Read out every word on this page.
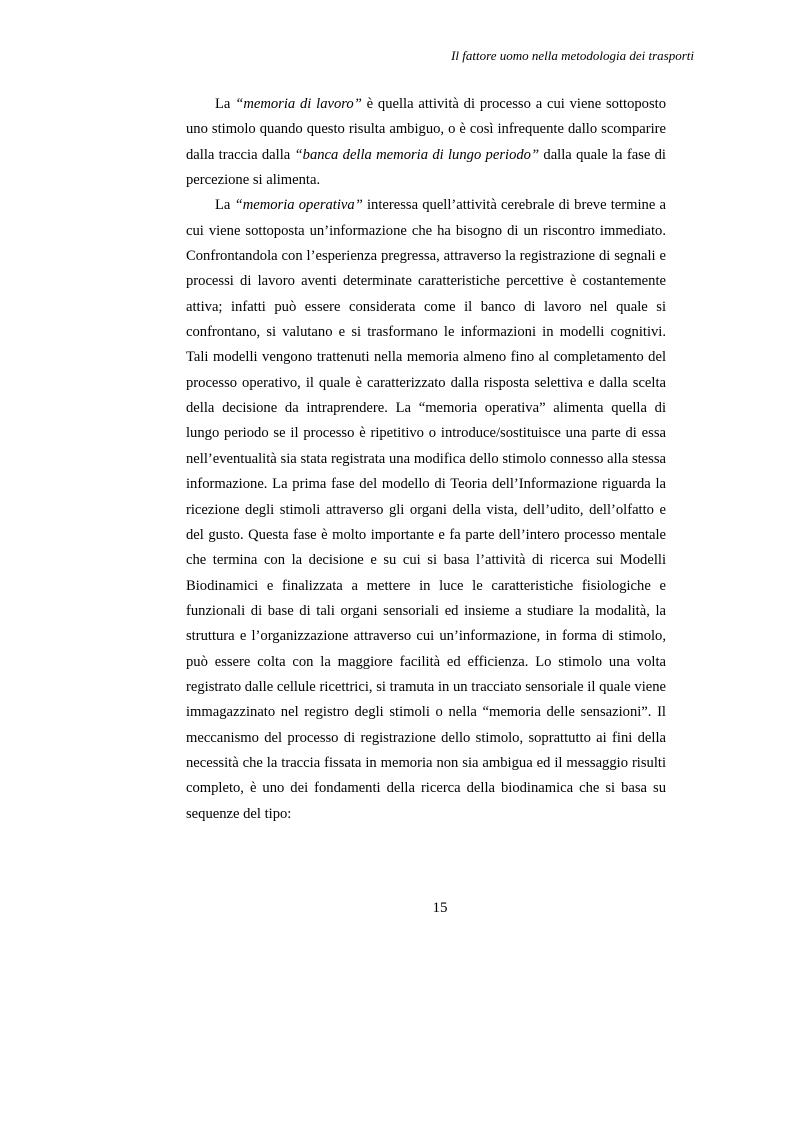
Il fattore uomo nella metodologia dei trasporti

La “memoria di lavoro” è quella attività di processo a cui viene sottoposto uno stimolo quando questo risulta ambiguo, o è così infrequente dallo scomparire dalla traccia dalla “banca della memoria di lungo periodo” dalla quale la fase di percezione si alimenta.

La “memoria operativa” interessa quell’attività cerebrale di breve termine a cui viene sottoposta un’informazione che ha bisogno di un riscontro immediato. Confrontandola con l’esperienza pregressa, attraverso la registrazione di segnali e processi di lavoro aventi determinate caratteristiche percettive è costantemente attiva; infatti può essere considerata come il banco di lavoro nel quale si confrontano, si valutano e si trasformano le informazioni in modelli cognitivi. Tali modelli vengono trattenuti nella memoria almeno fino al completamento del processo operativo, il quale è caratterizzato dalla risposta selettiva e dalla scelta della decisione da intraprendere. La “memoria operativa” alimenta quella di lungo periodo se il processo è ripetitivo o introduce/sostituisce una parte di essa nell’eventualità sia stata registrata una modifica dello stimolo connesso alla stessa informazione. La prima fase del modello di Teoria dell’Informazione riguarda la ricezione degli stimoli attraverso gli organi della vista, dell’udito, dell’olfatto e del gusto. Questa fase è molto importante e fa parte dell’intero processo mentale che termina con la decisione e su cui si basa l’attività di ricerca sui Modelli Biodinamici e finalizzata a mettere in luce le caratteristiche fisiologiche e funzionali di base di tali organi sensoriali ed insieme a studiare la modalità, la struttura e l’organizzazione attraverso cui un’informazione, in forma di stimolo, può essere colta con la maggiore facilità ed efficienza. Lo stimolo una volta registrato dalle cellule ricettrici, si tramuta in un tracciato sensoriale il quale viene immagazzinato nel registro degli stimoli o nella “memoria delle sensazioni”. Il meccanismo del processo di registrazione dello stimolo, soprattutto ai fini della necessità che la traccia fissata in memoria non sia ambigua ed il messaggio risulti completo, è uno dei fondamenti della ricerca della biodinamica che si basa su sequenze del tipo:

15
